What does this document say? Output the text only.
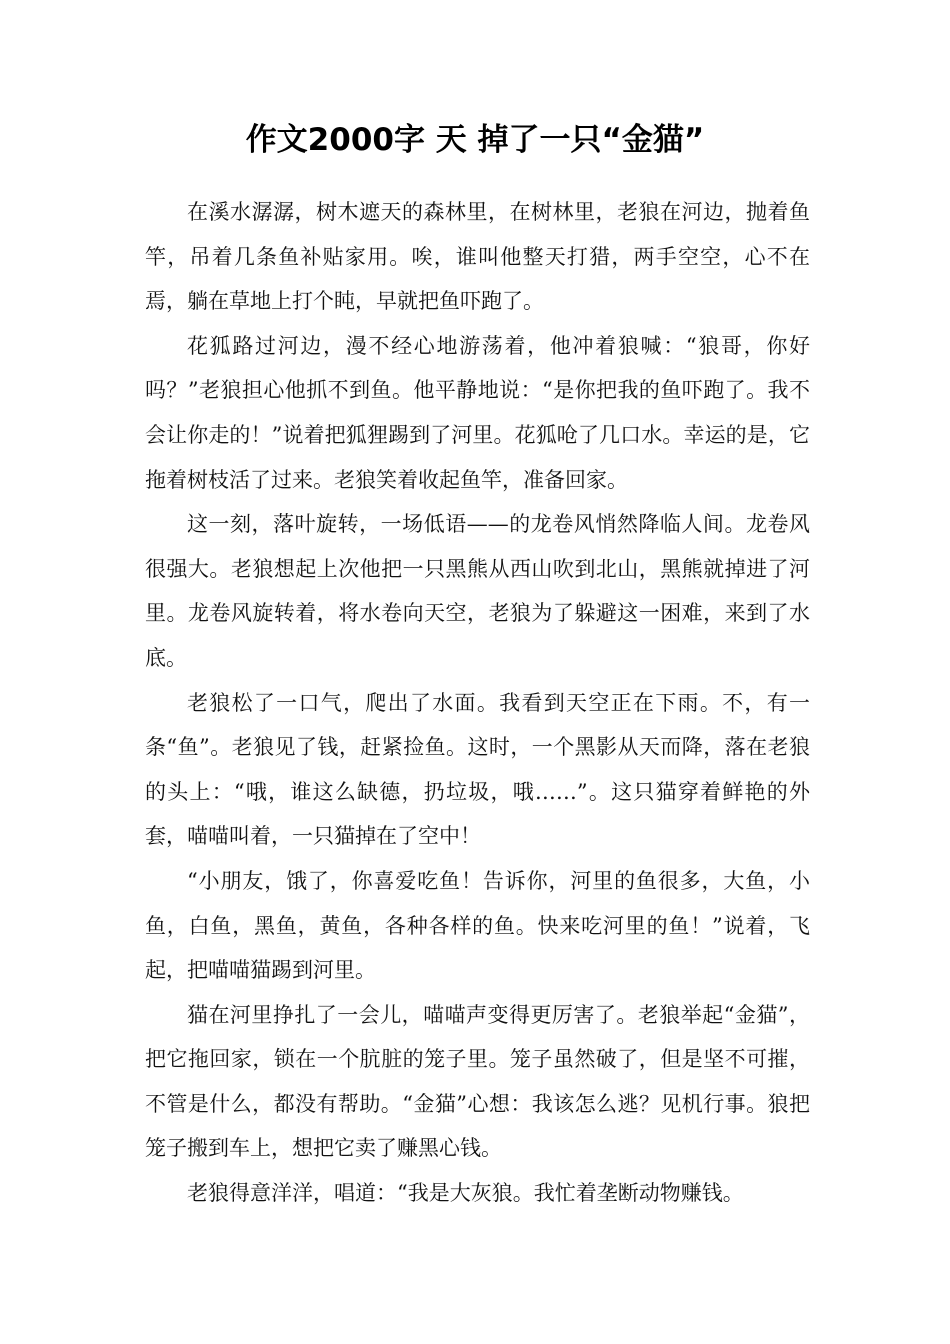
作文2000字 天 掉了一只“金猫”

在溪水潺潺，树木遮天的森林里，在树林里，老狼在河边，抛着鱼竿，吊着几条鱼补贴家用。唉，谁叫他整天打猎，两手空空，心不在焉，躺在草地上打个盹，早就把鱼吓跑了。

花狐路过河边，漫不经心地游荡着，他冲着狼喊：“狼哥，你好吗？”老狼担心他抓不到鱼。他平静地说：“是你把我的鱼吓跑了。我不会让你走的！”说着把狐狸踢到了河里。花狐呛了几口水。幸运的是，它拖着树枝活了过来。老狼笑着收起鱼竿，准备回家。

这一刻，落叶旋转，一场低语——的龙卷风悄然降临人间。龙卷风很强大。老狼想起上次他把一只黑熊从西山吹到北山，黑熊就掉进了河里。龙卷风旋转着，将水卷向天空，老狼为了躲避这一困难，来到了水底。

老狼松了一口气，爬出了水面。我看到天空正在下雨。不，有一条“鱼”。老狼见了钱，赶紧捡鱼。这时，一个黑影从天而降，落在老狼的头上：“哦，谁这么缺德，扔垃圾，哦……”。这只猫穿着鲜艳的外套，喵喵叫着，一只猫掉在了空中！

“小朋友，饿了，你喜爱吃鱼！告诉你，河里的鱼很多，大鱼，小鱼，白鱼，黑鱼，黄鱼，各种各样的鱼。快来吃河里的鱼！”说着，飞起，把喵喵猫踢到河里。

猫在河里挣扎了一会儿，喵喵声变得更厉害了。老狼举起“金猫”，把它拖回家，锁在一个肮脏的笼子里。笼子虽然破了，但是坚不可摧，不管是什么，都没有帮助。“金猫”心想：我该怎么逃？见机行事。狼把笼子搬到车上，想把它卖了赚黑心钱。

老狼得意洋洋，唱道：“我是大灰狼。我忙着垄断动物赚钱。
